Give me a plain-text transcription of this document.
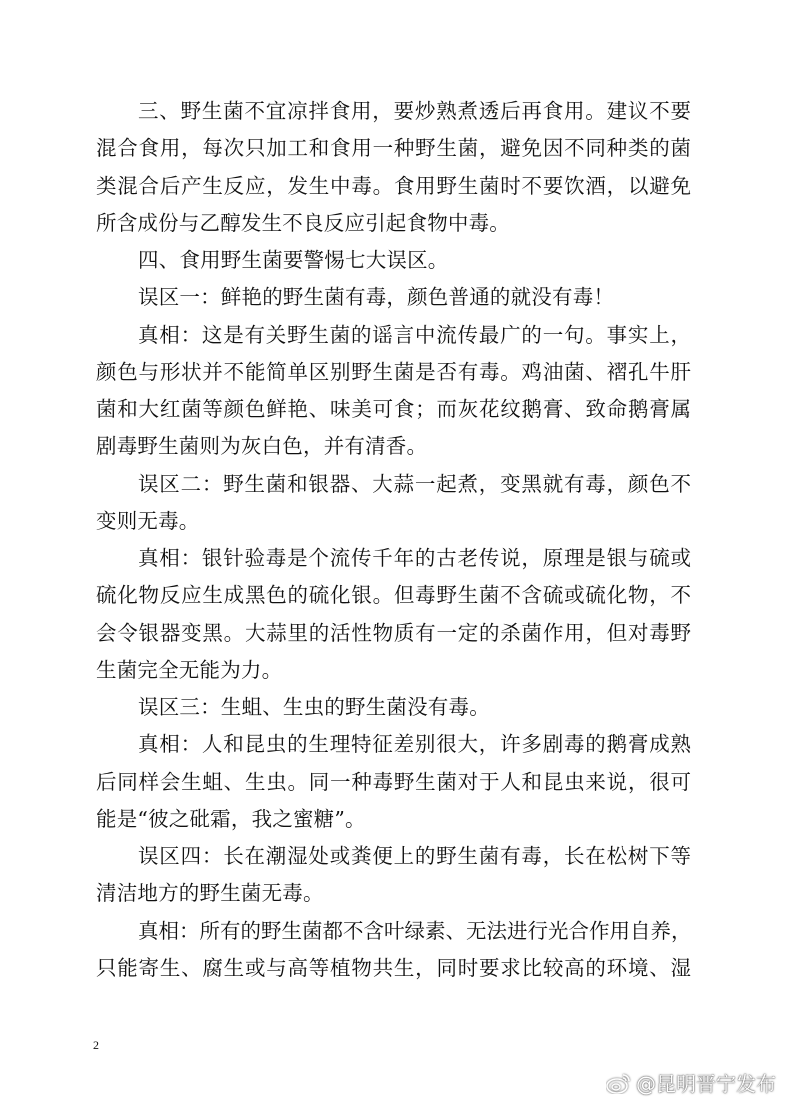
三、野生菌不宜凉拌食用，要炒熟煮透后再食用。建议不要
混合食用，每次只加工和食用一种野生菌，避免因不同种类的菌
类混合后产生反应，发生中毒。食用野生菌时不要饮酒，以避免
所含成份与乙醇发生不良反应引起食物中毒。
四、食用野生菌要警惕七大误区。
误区一：鲜艳的野生菌有毒，颜色普通的就没有毒！
真相：这是有关野生菌的谣言中流传最广的一句。事实上，
颜色与形状并不能简单区别野生菌是否有毒。鸡油菌、褶孔牛肝
菌和大红菌等颜色鲜艳、味美可食；而灰花纹鹅膏、致命鹅膏属
剧毒野生菌则为灰白色，并有清香。
误区二：野生菌和银器、大蒜一起煮，变黑就有毒，颜色不
变则无毒。
真相：银针验毒是个流传千年的古老传说，原理是银与硫或
硫化物反应生成黑色的硫化银。但毒野生菌不含硫或硫化物，不
会令银器变黑。大蒜里的活性物质有一定的杀菌作用，但对毒野
生菌完全无能为力。
误区三：生蛆、生虫的野生菌没有毒。
真相：人和昆虫的生理特征差别很大，许多剧毒的鹅膏成熟
后同样会生蛆、生虫。同一种毒野生菌对于人和昆虫来说，很可
能是“彼之砒霜，我之蜜糖”。
误区四：长在潮湿处或粪便上的野生菌有毒，长在松树下等
清洁地方的野生菌无毒。
真相：所有的野生菌都不含叶绿素、无法进行光合作用自养，
只能寄生、腐生或与高等植物共生，同时要求比较高的环境、湿
2
@昆明晋宁发布
